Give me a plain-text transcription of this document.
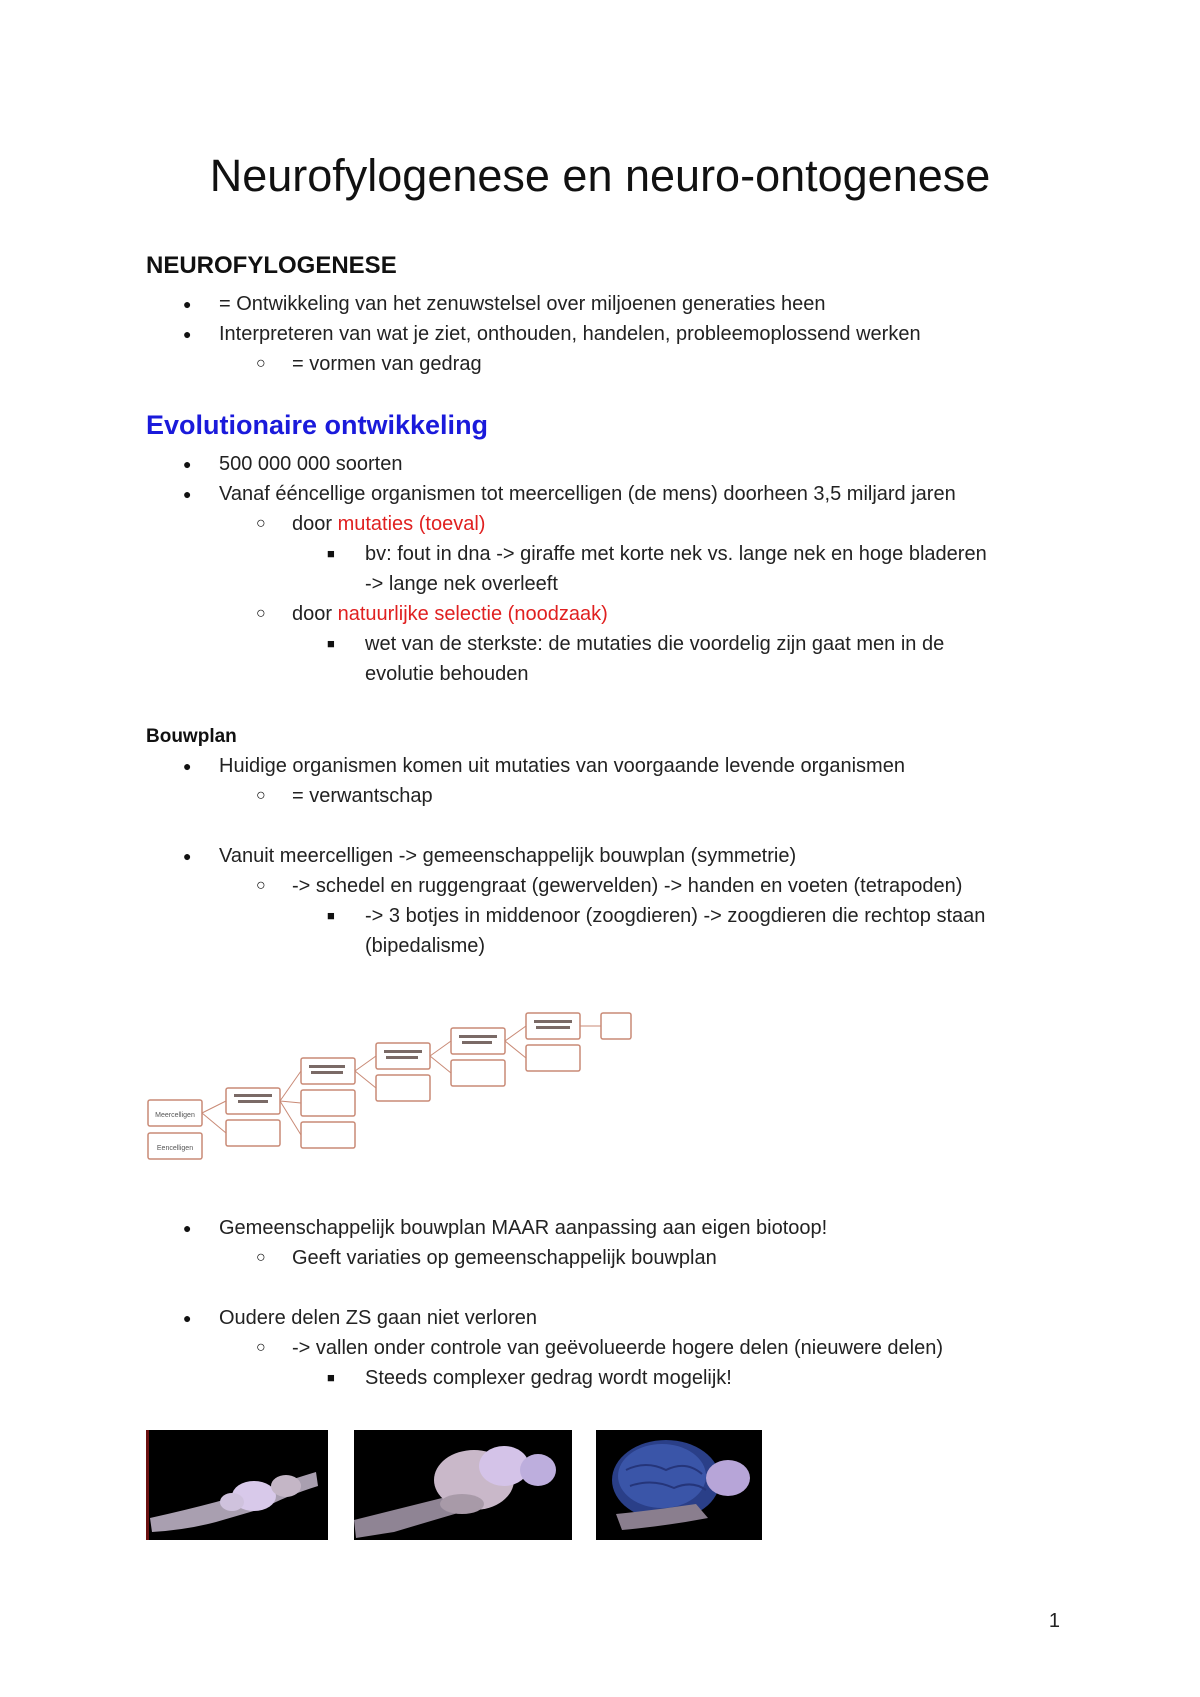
Neurofylogenese en neuro-ontogenese
NEUROFYLOGENESE
● = Ontwikkeling van het zenuwstelsel over miljoenen generaties heen

● Interpreteren van wat je ziet, onthouden, handelen, probleemoplossend werken

○ = vormen van gedrag

Evolutionaire ontwikkeling
● 500 000 000 soorten

● Vanaf ééncellige organismen tot meercelligen (de mens) doorheen 3,5 miljard jaren

○ door mutaties (toeval)

■ bv: fout in dna -> giraffe met korte nek vs. lange nek en hoge bladeren

-> lange nek overleeft

○ door natuurlijke selectie (noodzaak)

■ wet van de sterkste: de mutaties die voordelig zijn gaat men in de

evolutie behouden

Bouwplan
● Huidige organismen komen uit mutaties van voorgaande levende organismen

○ = verwantschap

● Vanuit meercelligen -> gemeenschappelijk bouwplan (symmetrie)

○ -> schedel en ruggengraat (gewervelden) -> handen en voeten (tetrapoden)

■ -> 3 botjes in middenoor (zoogdieren) -> zoogdieren die rechtop staan

(bipedalisme)

Meercelligen
Eencelligen
● Gemeenschappelijk bouwplan MAAR aanpassing aan eigen biotoop!

○ Geeft variaties op gemeenschappelijk bouwplan

● Oudere delen ZS gaan niet verloren

○ -> vallen onder controle van geëvolueerde hogere delen (nieuwere delen)

■ Steeds complexer gedrag wordt mogelijk!

1
